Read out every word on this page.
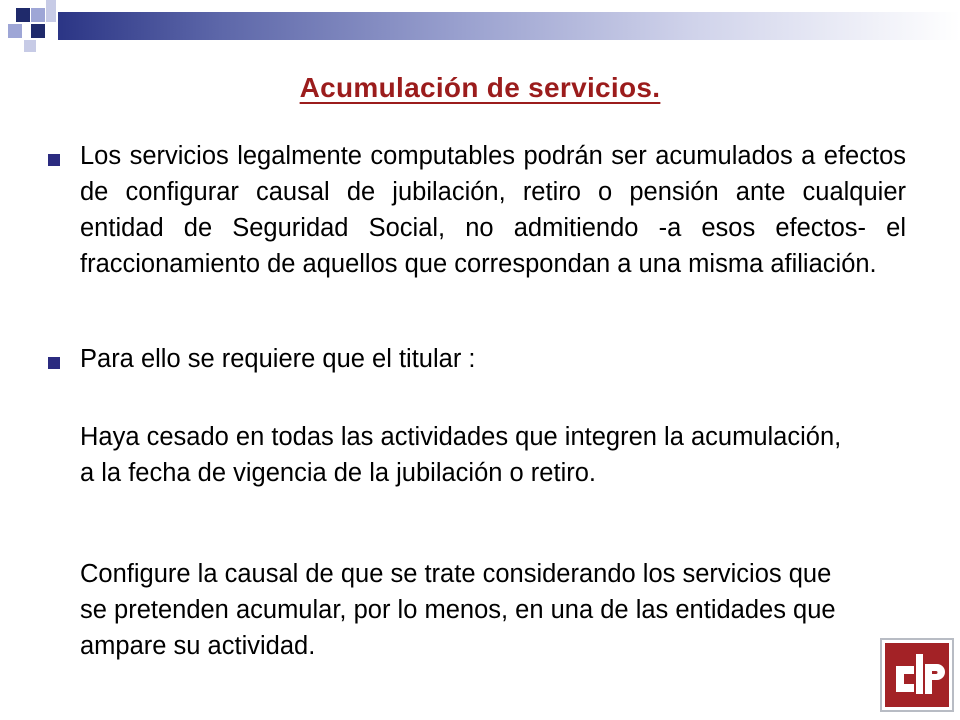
Acumulación de servicios.

Los servicios legalmente computables podrán ser acumulados a efectos de configurar causal de jubilación, retiro o pensión ante cualquier entidad de Seguridad Social, no admitiendo -a esos efectos- el fraccionamiento de aquellos que correspondan a una misma afiliación.

Para ello se requiere que el titular :

Haya cesado en todas las actividades que integren la acumulación, a la fecha de vigencia de la jubilación o retiro.

Configure la causal de que se trate considerando los servicios que se pretenden acumular, por lo menos, en una de las entidades que ampare su actividad.
